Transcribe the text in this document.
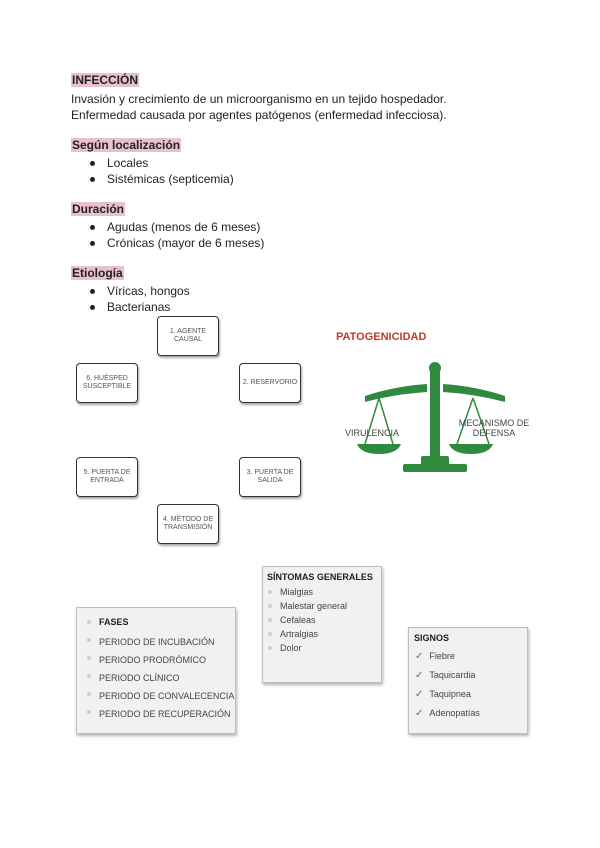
INFECCIÓN
Invasión y crecimiento de un microorganismo en un tejido hospedador.
Enfermedad causada por agentes patógenos (enfermedad infecciosa).
Según localización
Locales
Sistémicas (septicemia)
Duración
Agudas (menos de 6 meses)
Crónicas (mayor de 6 meses)
Etiología
Víricas, hongos
Bacterianas
1. AGENTE CAUSAL
2. RESERVORIO
3. PUERTA DE SALIDA
4. MÉTODO DE TRANSMISIÓN
5. PUERTA DE ENTRADA
6. HUÉSPED SUSCEPTIBLE
PATOGENICIDAD
VIRULENCIA
MECANISMO DE
DEFENSA
SÍNTOMAS GENERALES
Mialgias
Malestar general
Cefaleas
Artralgias
Dolor
FASES
PERIODO DE INCUBACIÓN
PERIODO PRODRÓMICO
PERIODO CLÍNICO
PERIODO DE CONVALECENCIA
PERIODO DE RECUPERACIÓN
SIGNOS
✓ Fiebre
✓ Taquicardia
✓ Taquipnea
✓ Adenopatías
